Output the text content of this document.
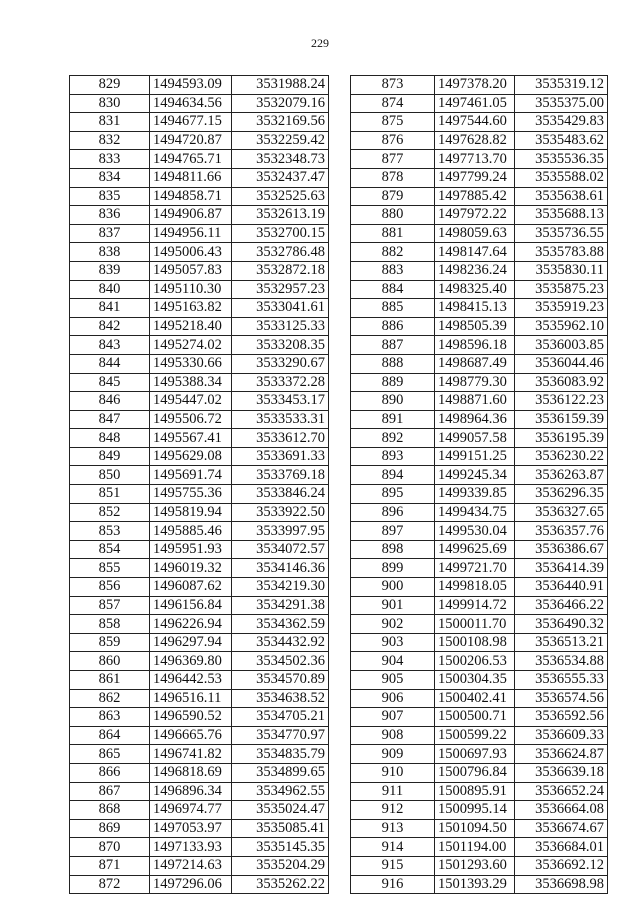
229
829	1494593.09	3531988.24
830	1494634.56	3532079.16
831	1494677.15	3532169.56
832	1494720.87	3532259.42
833	1494765.71	3532348.73
834	1494811.66	3532437.47
835	1494858.71	3532525.63
836	1494906.87	3532613.19
837	1494956.11	3532700.15
838	1495006.43	3532786.48
839	1495057.83	3532872.18
840	1495110.30	3532957.23
841	1495163.82	3533041.61
842	1495218.40	3533125.33
843	1495274.02	3533208.35
844	1495330.66	3533290.67
845	1495388.34	3533372.28
846	1495447.02	3533453.17
847	1495506.72	3533533.31
848	1495567.41	3533612.70
849	1495629.08	3533691.33
850	1495691.74	3533769.18
851	1495755.36	3533846.24
852	1495819.94	3533922.50
853	1495885.46	3533997.95
854	1495951.93	3534072.57
855	1496019.32	3534146.36
856	1496087.62	3534219.30
857	1496156.84	3534291.38
858	1496226.94	3534362.59
859	1496297.94	3534432.92
860	1496369.80	3534502.36
861	1496442.53	3534570.89
862	1496516.11	3534638.52
863	1496590.52	3534705.21
864	1496665.76	3534770.97
865	1496741.82	3534835.79
866	1496818.69	3534899.65
867	1496896.34	3534962.55
868	1496974.77	3535024.47
869	1497053.97	3535085.41
870	1497133.93	3535145.35
871	1497214.63	3535204.29
872	1497296.06	3535262.22
873	1497378.20	3535319.12
874	1497461.05	3535375.00
875	1497544.60	3535429.83
876	1497628.82	3535483.62
877	1497713.70	3535536.35
878	1497799.24	3535588.02
879	1497885.42	3535638.61
880	1497972.22	3535688.13
881	1498059.63	3535736.55
882	1498147.64	3535783.88
883	1498236.24	3535830.11
884	1498325.40	3535875.23
885	1498415.13	3535919.23
886	1498505.39	3535962.10
887	1498596.18	3536003.85
888	1498687.49	3536044.46
889	1498779.30	3536083.92
890	1498871.60	3536122.23
891	1498964.36	3536159.39
892	1499057.58	3536195.39
893	1499151.25	3536230.22
894	1499245.34	3536263.87
895	1499339.85	3536296.35
896	1499434.75	3536327.65
897	1499530.04	3536357.76
898	1499625.69	3536386.67
899	1499721.70	3536414.39
900	1499818.05	3536440.91
901	1499914.72	3536466.22
902	1500011.70	3536490.32
903	1500108.98	3536513.21
904	1500206.53	3536534.88
905	1500304.35	3536555.33
906	1500402.41	3536574.56
907	1500500.71	3536592.56
908	1500599.22	3536609.33
909	1500697.93	3536624.87
910	1500796.84	3536639.18
911	1500895.91	3536652.24
912	1500995.14	3536664.08
913	1501094.50	3536674.67
914	1501194.00	3536684.01
915	1501293.60	3536692.12
916	1501393.29	3536698.98
